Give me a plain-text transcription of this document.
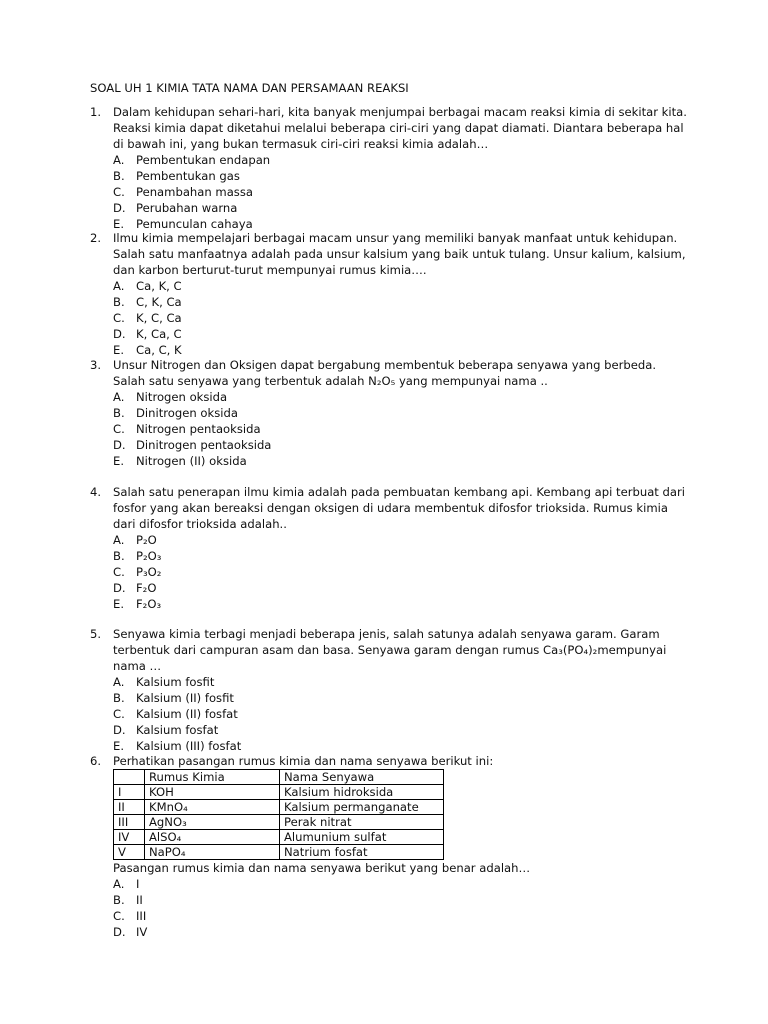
SOAL UH 1 KIMIA TATA NAMA DAN PERSAMAAN REAKSI
1.	Dalam kehidupan sehari-hari, kita banyak menjumpai berbagai macam reaksi kimia di sekitar kita. Reaksi kimia dapat diketahui melalui beberapa ciri-ciri yang dapat diamati. Diantara beberapa hal di bawah ini, yang bukan termasuk ciri-ciri reaksi kimia adalah…
A. Pembentukan endapan
B. Pembentukan gas
C. Penambahan massa
D. Perubahan warna
E.	Pemunculan cahaya
2.	Ilmu kimia mempelajari berbagai macam unsur yang memiliki banyak manfaat untuk kehidupan. Salah satu manfaatnya adalah pada unsur kalsium yang baik untuk tulang. Unsur kalium, kalsium, dan karbon berturut-turut mempunyai rumus kimia….
A. Ca, K, C
B. C, K, Ca
C. K, C, Ca
D. K, Ca, C
E.	Ca, C, K
3.	Unsur Nitrogen dan Oksigen dapat bergabung membentuk beberapa senyawa yang berbeda. Salah satu senyawa yang terbentuk adalah N₂O₅ yang mempunyai nama ..
A. Nitrogen oksida
B. Dinitrogen oksida
C. Nitrogen pentaoksida
D. Dinitrogen pentaoksida
E.	Nitrogen (II) oksida
4.	Salah satu penerapan ilmu kimia adalah pada pembuatan kembang api. Kembang api terbuat dari fosfor yang akan bereaksi dengan oksigen di udara membentuk difosfor trioksida. Rumus kimia dari difosfor trioksida adalah..
A. P₂O
B. P₂O₃
C. P₃O₂
D. F₂O
E.	F₂O₃
5.	Senyawa kimia terbagi menjadi beberapa jenis, salah satunya adalah senyawa garam. Garam terbentuk dari campuran asam dan basa. Senyawa garam dengan rumus Ca₃(PO₄)₂mempunyai nama …
A. Kalsium fosfit
B. Kalsium (II) fosfit
C. Kalsium (II) fosfat
D. Kalsium fosfat
E.	Kalsium (III) fosfat
6.	Perhatikan pasangan rumus kimia dan nama senyawa berikut ini:
	Rumus Kimia	Nama Senyawa
I	KOH	Kalsium hidroksida
II	KMnO₄	Kalsium permanganate
III	AgNO₃	Perak nitrat
IV	AlSO₄	Alumunium sulfat
V	NaPO₄	Natrium fosfat
Pasangan rumus kimia dan nama senyawa berikut yang benar adalah…
A. I
B. II
C. III
D. IV
